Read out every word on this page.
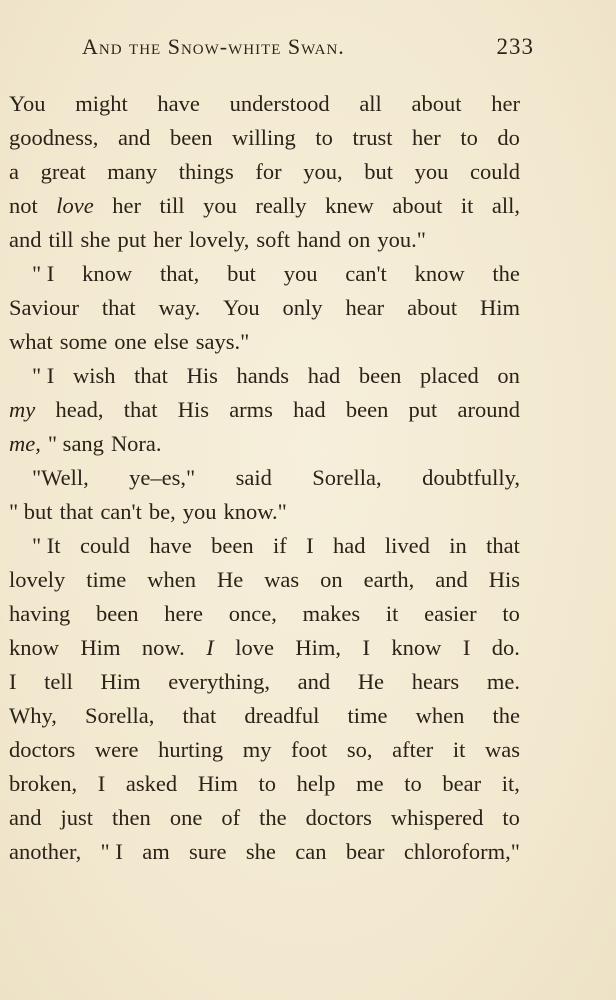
And the Snow-white Swan.	233
You might have understood all about her
goodness, and been willing to trust her to do
a great many things for you, but you could
not love her till you really knew about it all,
and till she put her lovely, soft hand on you."
" I know that, but you can't know the
Saviour that way. You only hear about Him
what some one else says."
" I wish that His hands had been placed on
my head, that His arms had been put around
me, " sang Nora.
"Well, ye–es," said Sorella, doubtfully,
" but that can't be, you know."
" It could have been if I had lived in that
lovely time when He was on earth, and His
having been here once, makes it easier to
know Him now. I love Him, I know I do.
I tell Him everything, and He hears me.
Why, Sorella, that dreadful time when the
doctors were hurting my foot so, after it was
broken, I asked Him to help me to bear it,
and just then one of the doctors whispered to
another, " I am sure she can bear chloroform,"
